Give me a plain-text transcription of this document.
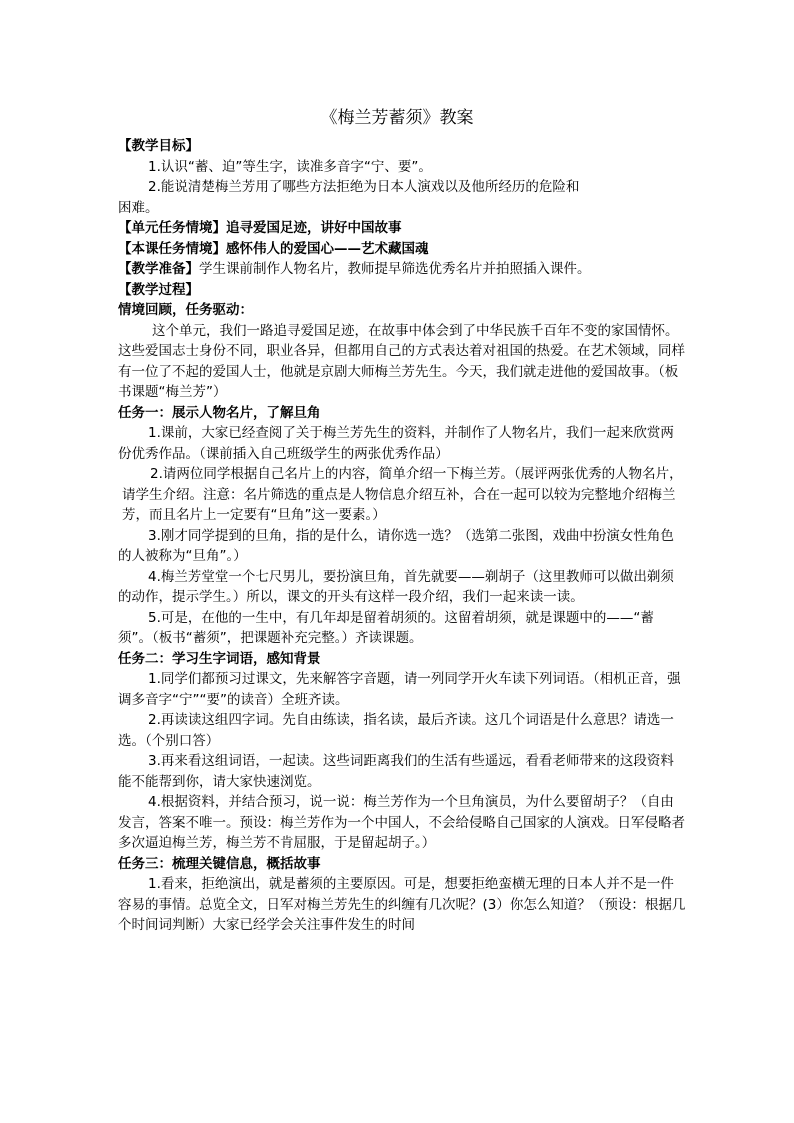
《梅兰芳蓄须》教案

【教学目标】

1.认识“蓄、迫”等生字，读准多音字“宁、要”。

2.能说清楚梅兰芳用了哪些方法拒绝为日本人演戏以及他所经历的危险和

困难。

【单元任务情境】追寻爱国足迹，讲好中国故事

【本课任务情境】感怀伟人的爱国心——艺术藏国魂

【教学准备】学生课前制作人物名片，教师提早筛选优秀名片并拍照插入课件。

【教学过程】

情境回顾，任务驱动：

这个单元，我们一路追寻爱国足迹，在故事中体会到了中华民族千百年不变的家国情怀。这些爱国志士身份不同，职业各异，但都用自己的方式表达着对祖国的热爱。在艺术领域，同样有一位了不起的爱国人士，他就是京剧大师梅兰芳先生。今天，我们就走进他的爱国故事。（板书课题“梅兰芳”）

任务一：展示人物名片，了解旦角

1.课前，大家已经查阅了关于梅兰芳先生的资料，并制作了人物名片，我们一起来欣赏两份优秀作品。（课前插入自己班级学生的两张优秀作品）

2.请两位同学根据自己名片上的内容，简单介绍一下梅兰芳。（展评两张优秀的人物名片，请学生介绍。注意：名片筛选的重点是人物信息介绍互补，合在一起可以较为完整地介绍梅兰芳，而且名片上一定要有“旦角”这一要素。）

3.刚才同学提到的旦角，指的是什么，请你选一选？（选第二张图，戏曲中扮演女性角色的人被称为“旦角”。）

4.梅兰芳堂堂一个七尺男儿，要扮演旦角，首先就要——剃胡子（这里教师可以做出剃须的动作，提示学生。）所以，课文的开头有这样一段介绍，我们一起来读一读。

5.可是，在他的一生中，有几年却是留着胡须的。这留着胡须，就是课题中的——“蓄须”。（板书“蓄须”，把课题补充完整。）齐读课题。

任务二：学习生字词语，感知背景

1.同学们都预习过课文，先来解答字音题，请一列同学开火车读下列词语。（相机正音，强调多音字“宁”“要”的读音）全班齐读。

2.再读读这组四字词。先自由练读，指名读，最后齐读。这几个词语是什么意思？请选一选。（个别口答）

3.再来看这组词语，一起读。这些词距离我们的生活有些遥远，看看老师带来的这段资料能不能帮到你，请大家快速浏览。

4.根据资料，并结合预习，说一说：梅兰芳作为一个旦角演员，为什么要留胡子？（自由发言，答案不唯一。预设：梅兰芳作为一个中国人，不会给侵略自己国家的人演戏。日军侵略者多次逼迫梅兰芳，梅兰芳不肯屈服，于是留起胡子。）

任务三：梳理关键信息，概括故事

1.看来，拒绝演出，就是蓄须的主要原因。可是，想要拒绝蛮横无理的日本人并不是一件容易的事情。总览全文，日军对梅兰芳先生的纠缠有几次呢？(3）你怎么知道？（预设：根据几个时间词判断）大家已经学会关注事件发生的时间
